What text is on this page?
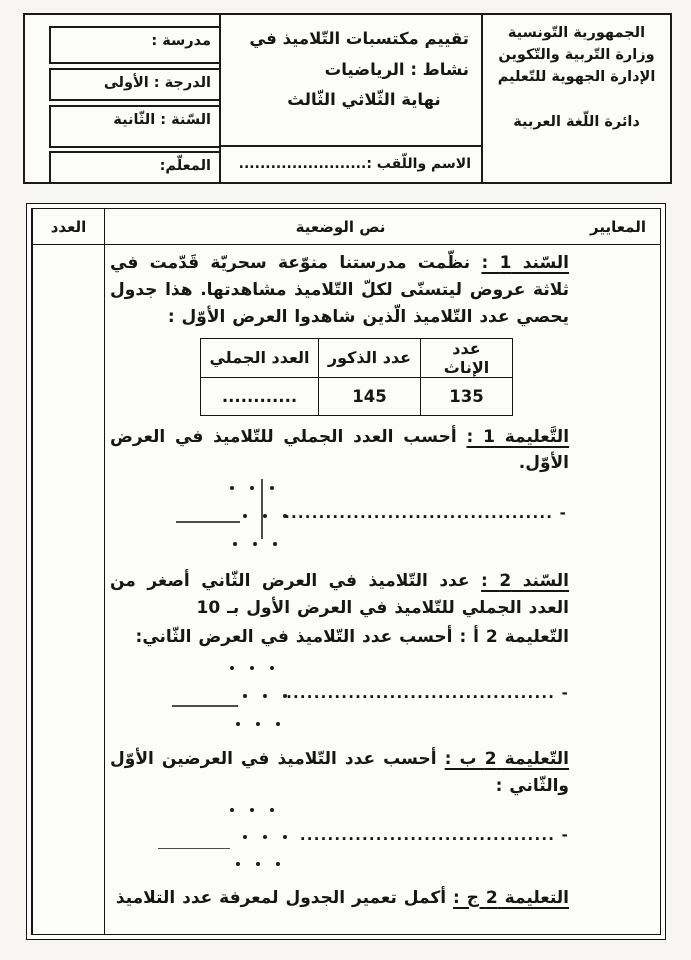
الجمهورية التّونسية
وزارة التّربية والتّكوين
الإدارة الجهوية للتّعليم
دائرة اللّغة العربية
تقييم مكتسبات التّلاميذ في
نشاط : الرياضيات
نهاية الثّلاثي الثّالث
الاسم واللّقب :........................
مدرسة :
الدرجة : الأولى
السّنة : الثّانية
المعلّم:
المعايير
نص الوضعية
العدد

السّند 1 : نظّمت مدرستنا منوّعة سحريّة قَدّمت في ثلاثة عروض ليتسنّى لكلّ التّلاميذ مشاهدتها. هذا جدول يحصي عدد التّلاميذ الّذين شاهدوا العرض الأوّل :

عدد الإناث	عدد الذكور	العدد الجملي
135	145	............

التَّعليمة 1 : أحسب العدد الجملي للتّلاميذ في العرض الأوّل.

- .......................................

السّند 2 : عدد التّلاميذ في العرض الثّاني أصغر من العدد الجملي للتّلاميذ في العرض الأول بـ 10

التّعليمة 2 أ : أحسب عدد التّلاميذ في العرض الثّاني:

- .......................................

التّعليمة 2 ب : أحسب عدد التّلاميذ في العرضين الأوّل والثّاني :

- .....................................

التعليمة 2 ج : أكمل تعمير الجدول لمعرفة عدد التلاميذ
